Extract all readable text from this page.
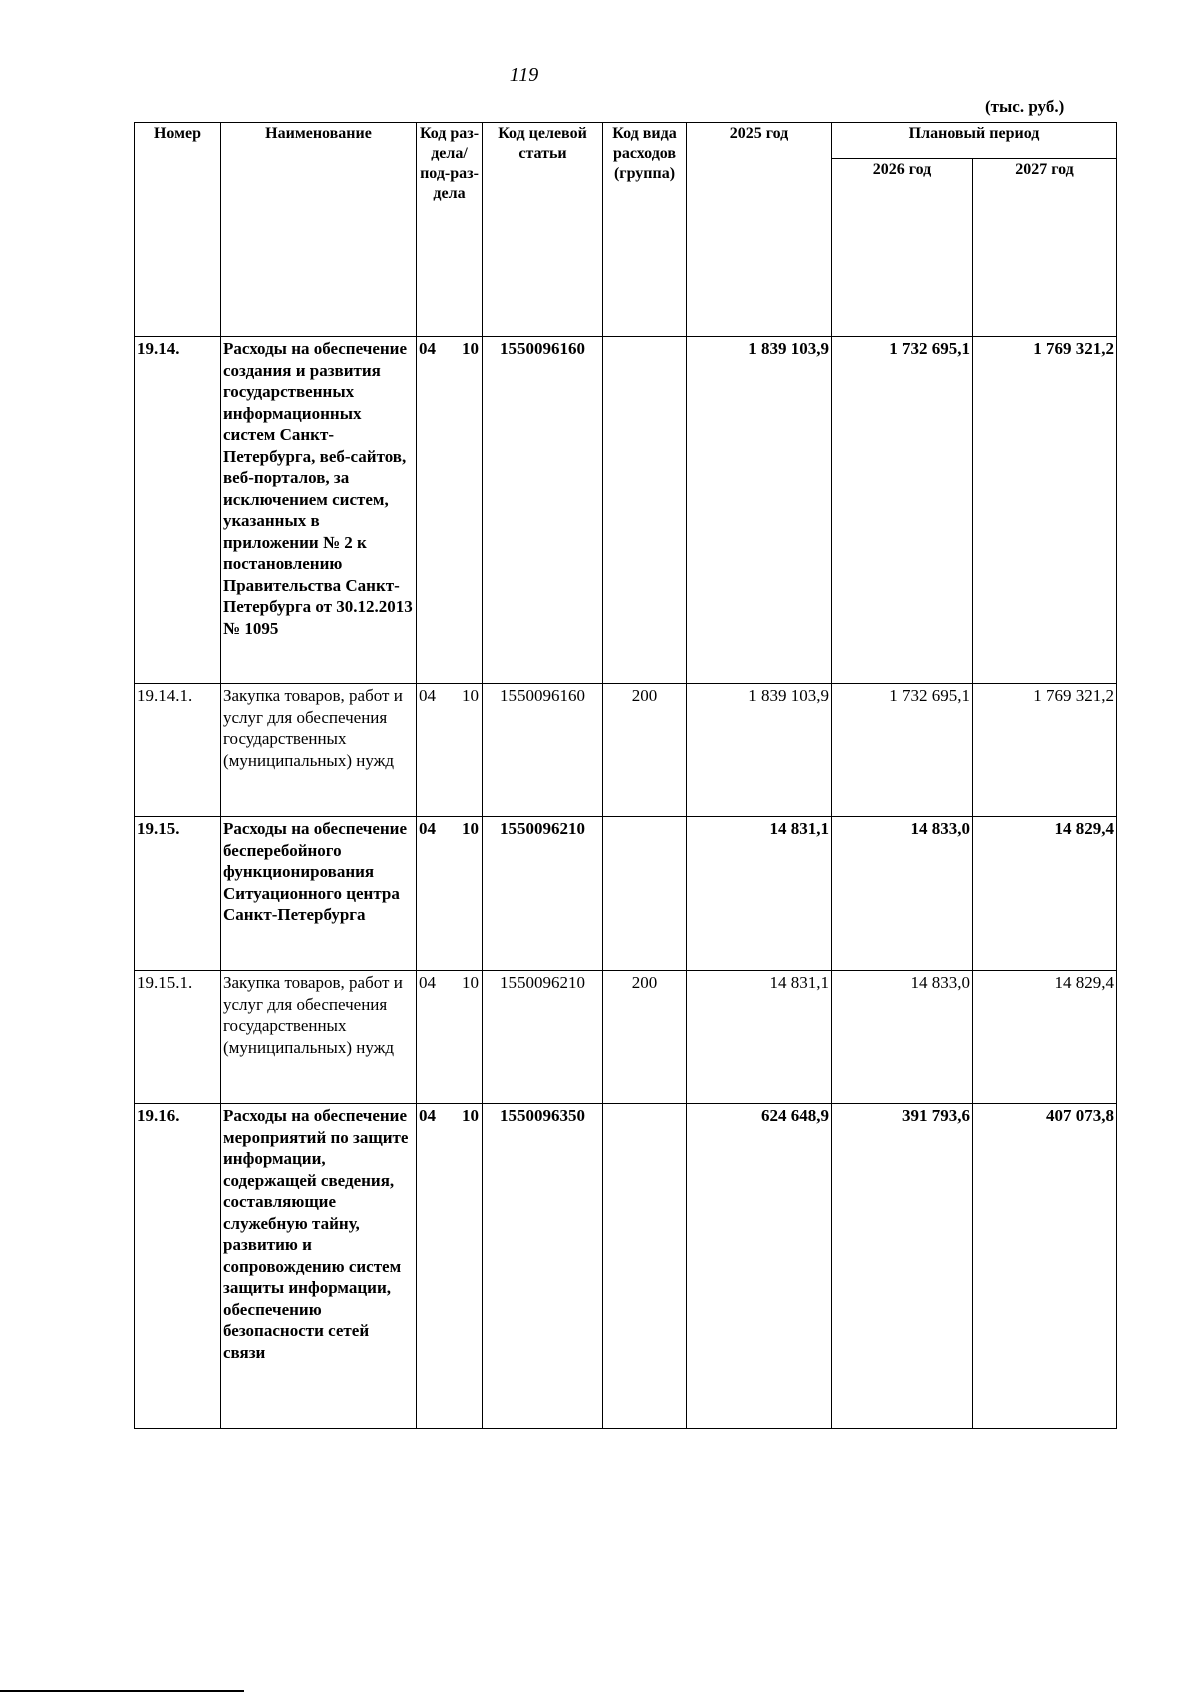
119
(тыс. руб.)
Номер	Наименование	Код раз-дела/ под-раз-дела	Код целевой статьи	Код вида расходов (группа)	2025 год	Плановый период	
						2026 год	2027 год
19.14.	Расходы на обеспечение создания и развития государственных информационных систем Санкт-Петербурга, веб-сайтов, веб-порталов, за исключением систем, указанных в приложении № 2 к постановлению Правительства Санкт-Петербурга от 30.12.2013 № 1095	04 10	1550096160		1 839 103,9	1 732 695,1	1 769 321,2
19.14.1.	Закупка товаров, работ и услуг для обеспечения государственных (муниципальных) нужд	04 10	1550096160	200	1 839 103,9	1 732 695,1	1 769 321,2
19.15.	Расходы на обеспечение бесперебойного функционирования Ситуационного центра Санкт-Петербурга	04 10	1550096210		14 831,1	14 833,0	14 829,4
19.15.1.	Закупка товаров, работ и услуг для обеспечения государственных (муниципальных) нужд	04 10	1550096210	200	14 831,1	14 833,0	14 829,4
19.16.	Расходы на обеспечение мероприятий по защите информации, содержащей сведения, составляющие служебную тайну, развитию и сопровождению систем защиты информации, обеспечению безопасности сетей связи	04 10	1550096350		624 648,9	391 793,6	407 073,8
